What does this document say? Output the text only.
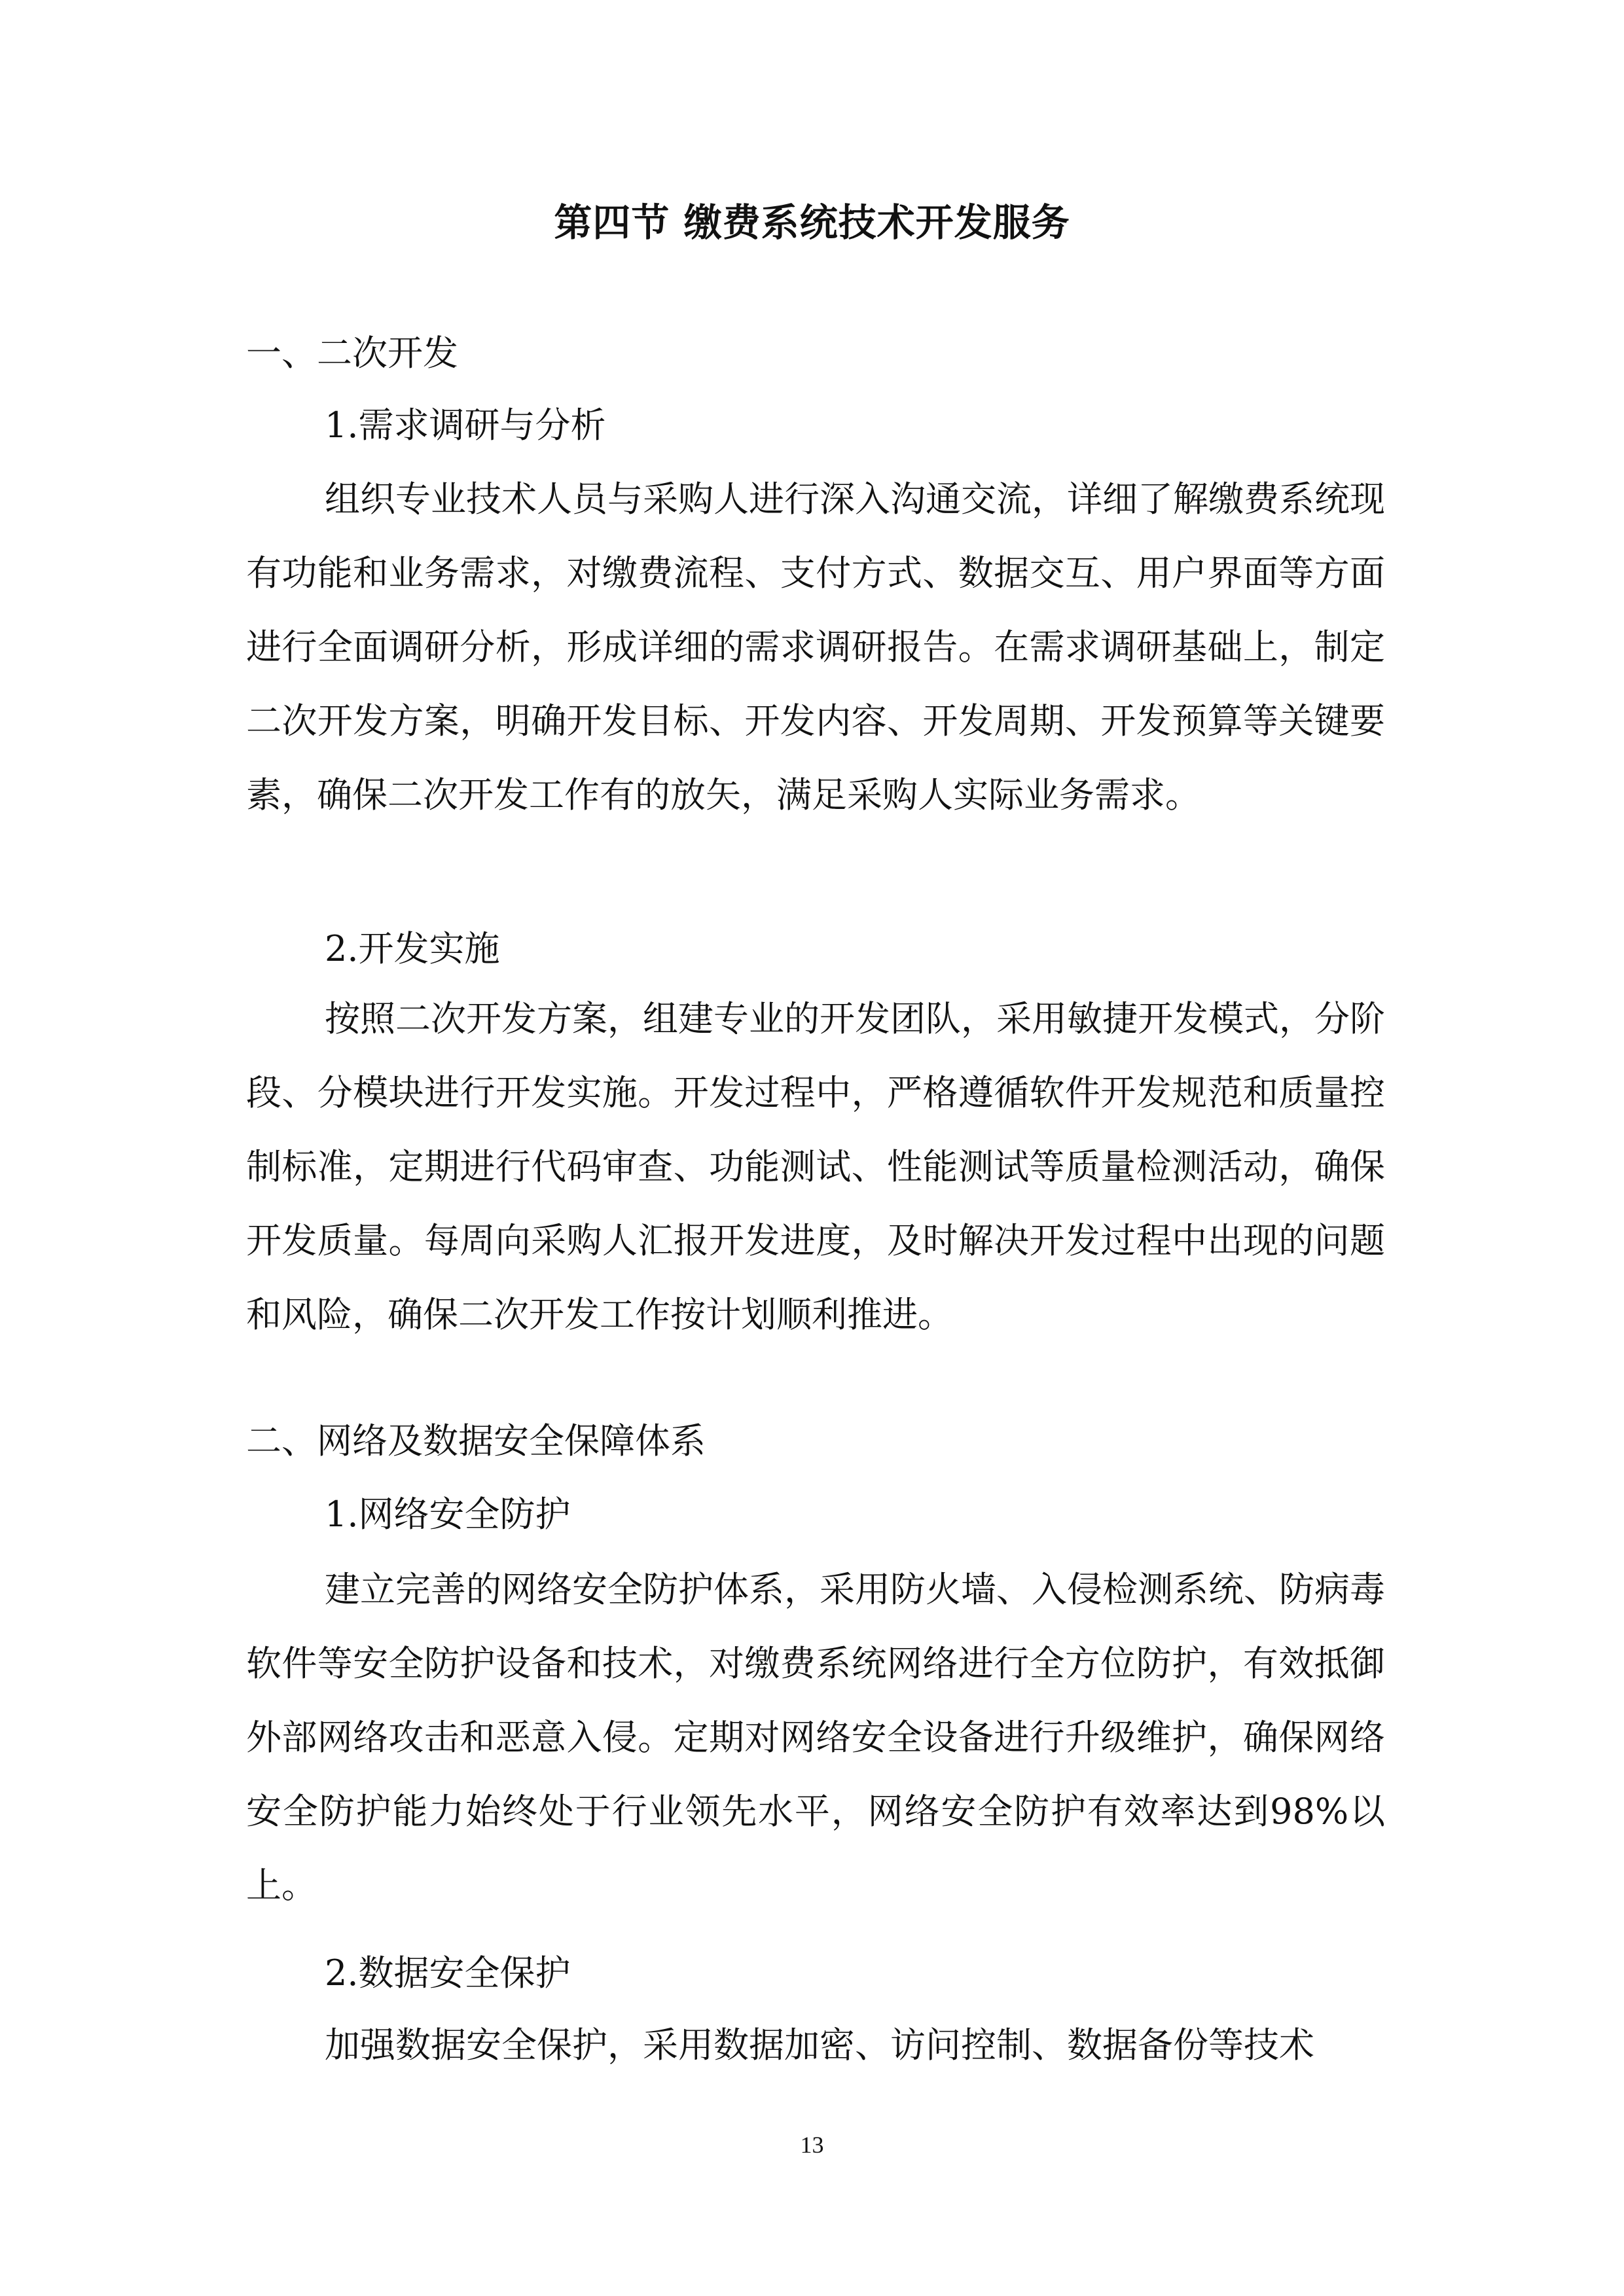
第四节 缴费系统技术开发服务
一、二次开发
1.需求调研与分析

组织专业技术人员与采购人进行深入沟通交流，详细了解缴费系统现有功能和业务需求，对缴费流程、支付方式、数据交互、用户界面等方面进行全面调研分析，形成详细的需求调研报告。在需求调研基础上，制定二次开发方案，明确开发目标、开发内容、开发周期、开发预算等关键要素，确保二次开发工作有的放矢，满足采购人实际业务需求。

2.开发实施

按照二次开发方案，组建专业的开发团队，采用敏捷开发模式，分阶段、分模块进行开发实施。开发过程中，严格遵循软件开发规范和质量控制标准，定期进行代码审查、功能测试、性能测试等质量检测活动，确保开发质量。每周向采购人汇报开发进度，及时解决开发过程中出现的问题和风险，确保二次开发工作按计划顺利推进。

二、网络及数据安全保障体系
1.网络安全防护

建立完善的网络安全防护体系，采用防火墙、入侵检测系统、防病毒软件等安全防护设备和技术，对缴费系统网络进行全方位防护，有效抵御外部网络攻击和恶意入侵。定期对网络安全设备进行升级维护，确保网络安全防护能力始终处于行业领先水平，网络安全防护有效率达到98%以上。

2.数据安全保护

加强数据安全保护，采用数据加密、访问控制、数据备份等技术

13
